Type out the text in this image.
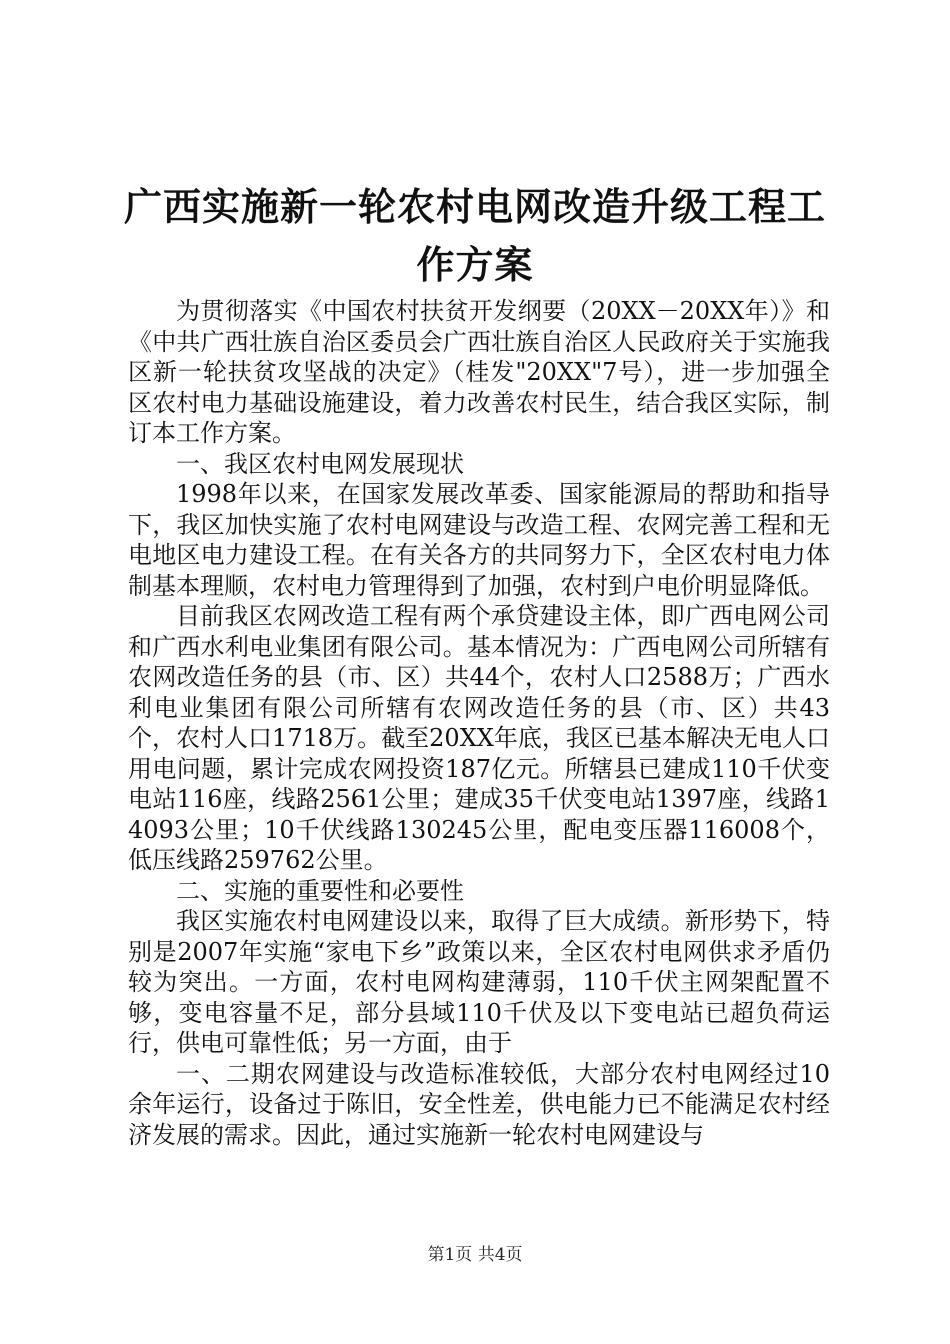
广西实施新一轮农村电网改造升级工程工作方案

为贯彻落实《中国农村扶贫开发纲要（20XX－20XX年）》和《中共广西壮族自治区委员会广西壮族自治区人民政府关于实施我区新一轮扶贫攻坚战的决定》（桂发"20XX"7号），进一步加强全区农村电力基础设施建设，着力改善农村民生，结合我区实际，制订本工作方案。

一、我区农村电网发展现状

1998年以来，在国家发展改革委、国家能源局的帮助和指导下，我区加快实施了农村电网建设与改造工程、农网完善工程和无电地区电力建设工程。在有关各方的共同努力下，全区农村电力体制基本理顺，农村电力管理得到了加强，农村到户电价明显降低。

目前我区农网改造工程有两个承贷建设主体，即广西电网公司和广西水利电业集团有限公司。基本情况为：广西电网公司所辖有农网改造任务的县（市、区）共44个，农村人口2588万；广西水利电业集团有限公司所辖有农网改造任务的县（市、区）共43个，农村人口1718万。截至20XX年底，我区已基本解决无电人口用电问题，累计完成农网投资187亿元。所辖县已建成110千伏变电站116座，线路2561公里；建成35千伏变电站1397座，线路14093公里；10千伏线路130245公里，配电变压器116008个，低压线路259762公里。

二、实施的重要性和必要性

我区实施农村电网建设以来，取得了巨大成绩。新形势下，特别是2007年实施“家电下乡”政策以来，全区农村电网供求矛盾仍较为突出。一方面，农村电网构建薄弱，110千伏主网架配置不够，变电容量不足，部分县域110千伏及以下变电站已超负荷运行，供电可靠性低；另一方面，由于

一、二期农网建设与改造标准较低，大部分农村电网经过10余年运行，设备过于陈旧，安全性差，供电能力已不能满足农村经济发展的需求。因此，通过实施新一轮农村电网建设与

第1页 共4页
